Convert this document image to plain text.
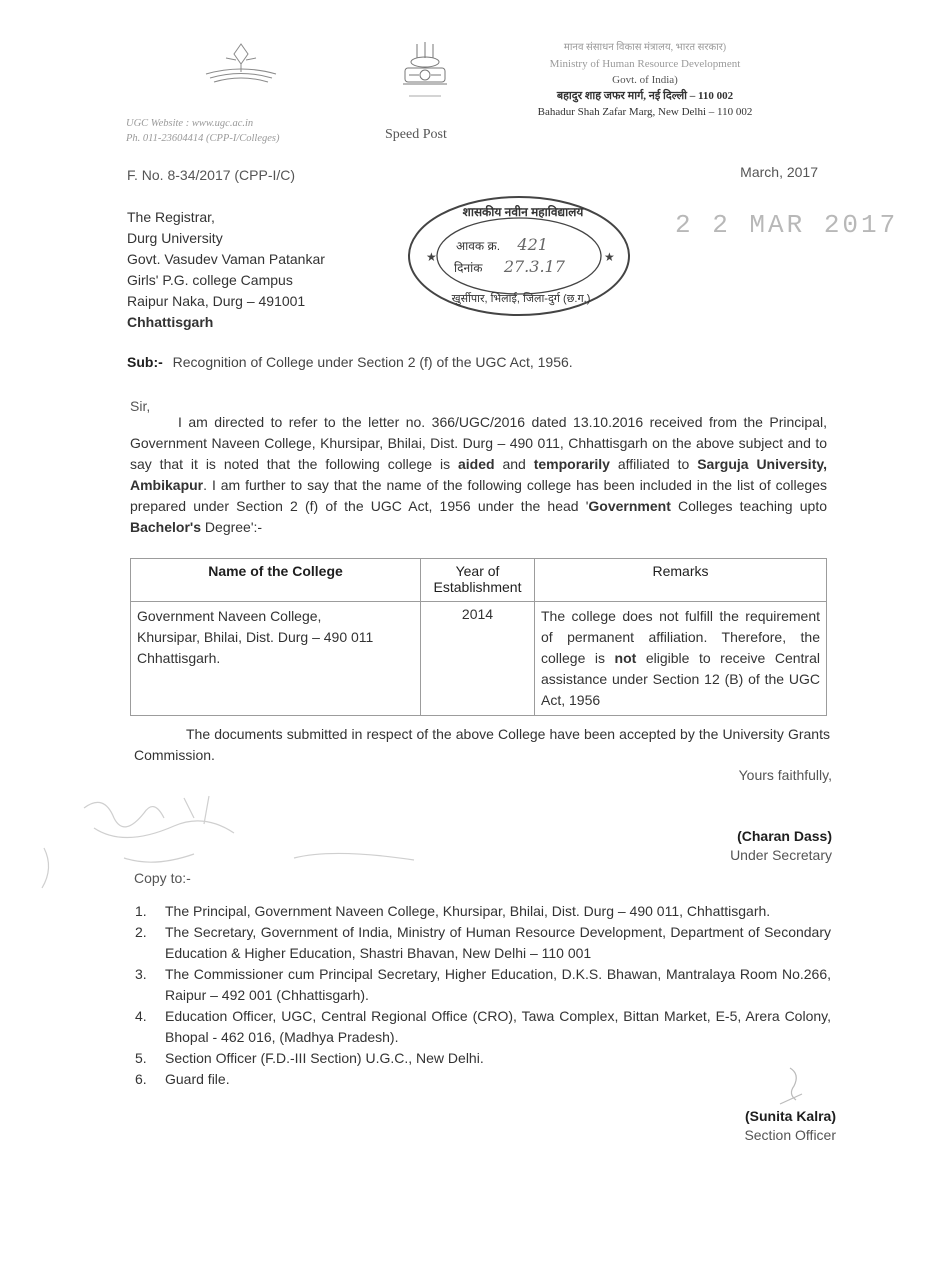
UGC Website : www.ugc.ac.in
Ph. 011-23604414 (CPP-I/Colleges)	Speed Post
मानव संसाधन विकास मंत्रालय, भारत सरकार)
Ministry of Human Resource Development
Govt. of India)
बहादुर शाह जफर मार्ग, नई दिल्ली – 110 002
Bahadur Shah Zafar Marg, New Delhi – 110 002
F. No. 8-34/2017 (CPP-I/C)	March, 2017
2 2 MAR 2017
The Registrar,
Durg University
Govt. Vasudev Vaman Patankar
Girls' P.G. college Campus
Raipur Naka, Durg – 491001
Chhattisgarh
★	★
शासकीय नवीन महाविद्यालय
आवक क्र. 421
दिनांक 27.3.17
खुर्सीपार, भिलाई, जिला-दुर्ग (छ.ग.)
Sub:- Recognition of College under Section 2 (f) of the UGC Act, 1956.
Sir,
I am directed to refer to the letter no. 366/UGC/2016 dated 13.10.2016 received from the Principal, Government Naveen College, Khursipar, Bhilai, Dist. Durg – 490 011, Chhattisgarh on the above subject and to say that it is noted that the following college is aided and temporarily affiliated to Sarguja University, Ambikapur. I am further to say that the name of the following college has been included in the list of colleges prepared under Section 2 (f) of the UGC Act, 1956 under the head 'Government Colleges teaching upto Bachelor's Degree':-
Name of the College	Year of Establishment	Remarks

Government Naveen College,
Khursipar, Bhilai, Dist. Durg – 490 011
Chhattisgarh.	2014	The college does not fulfill the requirement of permanent affiliation. Therefore, the college is not eligible to receive Central assistance under Section 12 (B) of the UGC Act, 1956
The documents submitted in respect of the above College have been accepted by the University Grants Commission.
Yours faithfully,
(Charan Dass)
Under Secretary
Copy to:-
1. The Principal, Government Naveen College, Khursipar, Bhilai, Dist. Durg – 490 011, Chhattisgarh.
2. The Secretary, Government of India, Ministry of Human Resource Development, Department of Secondary Education & Higher Education, Shastri Bhavan, New Delhi – 110 001
3. The Commissioner cum Principal Secretary, Higher Education, D.K.S. Bhawan, Mantralaya Room No.266, Raipur – 492 001 (Chhattisgarh).
4. Education Officer, UGC, Central Regional Office (CRO), Tawa Complex, Bittan Market, E-5, Arera Colony, Bhopal - 462 016, (Madhya Pradesh).
5. Section Officer (F.D.-III Section) U.G.C., New Delhi.
6. Guard file.
(Sunita Kalra)
Section Officer
